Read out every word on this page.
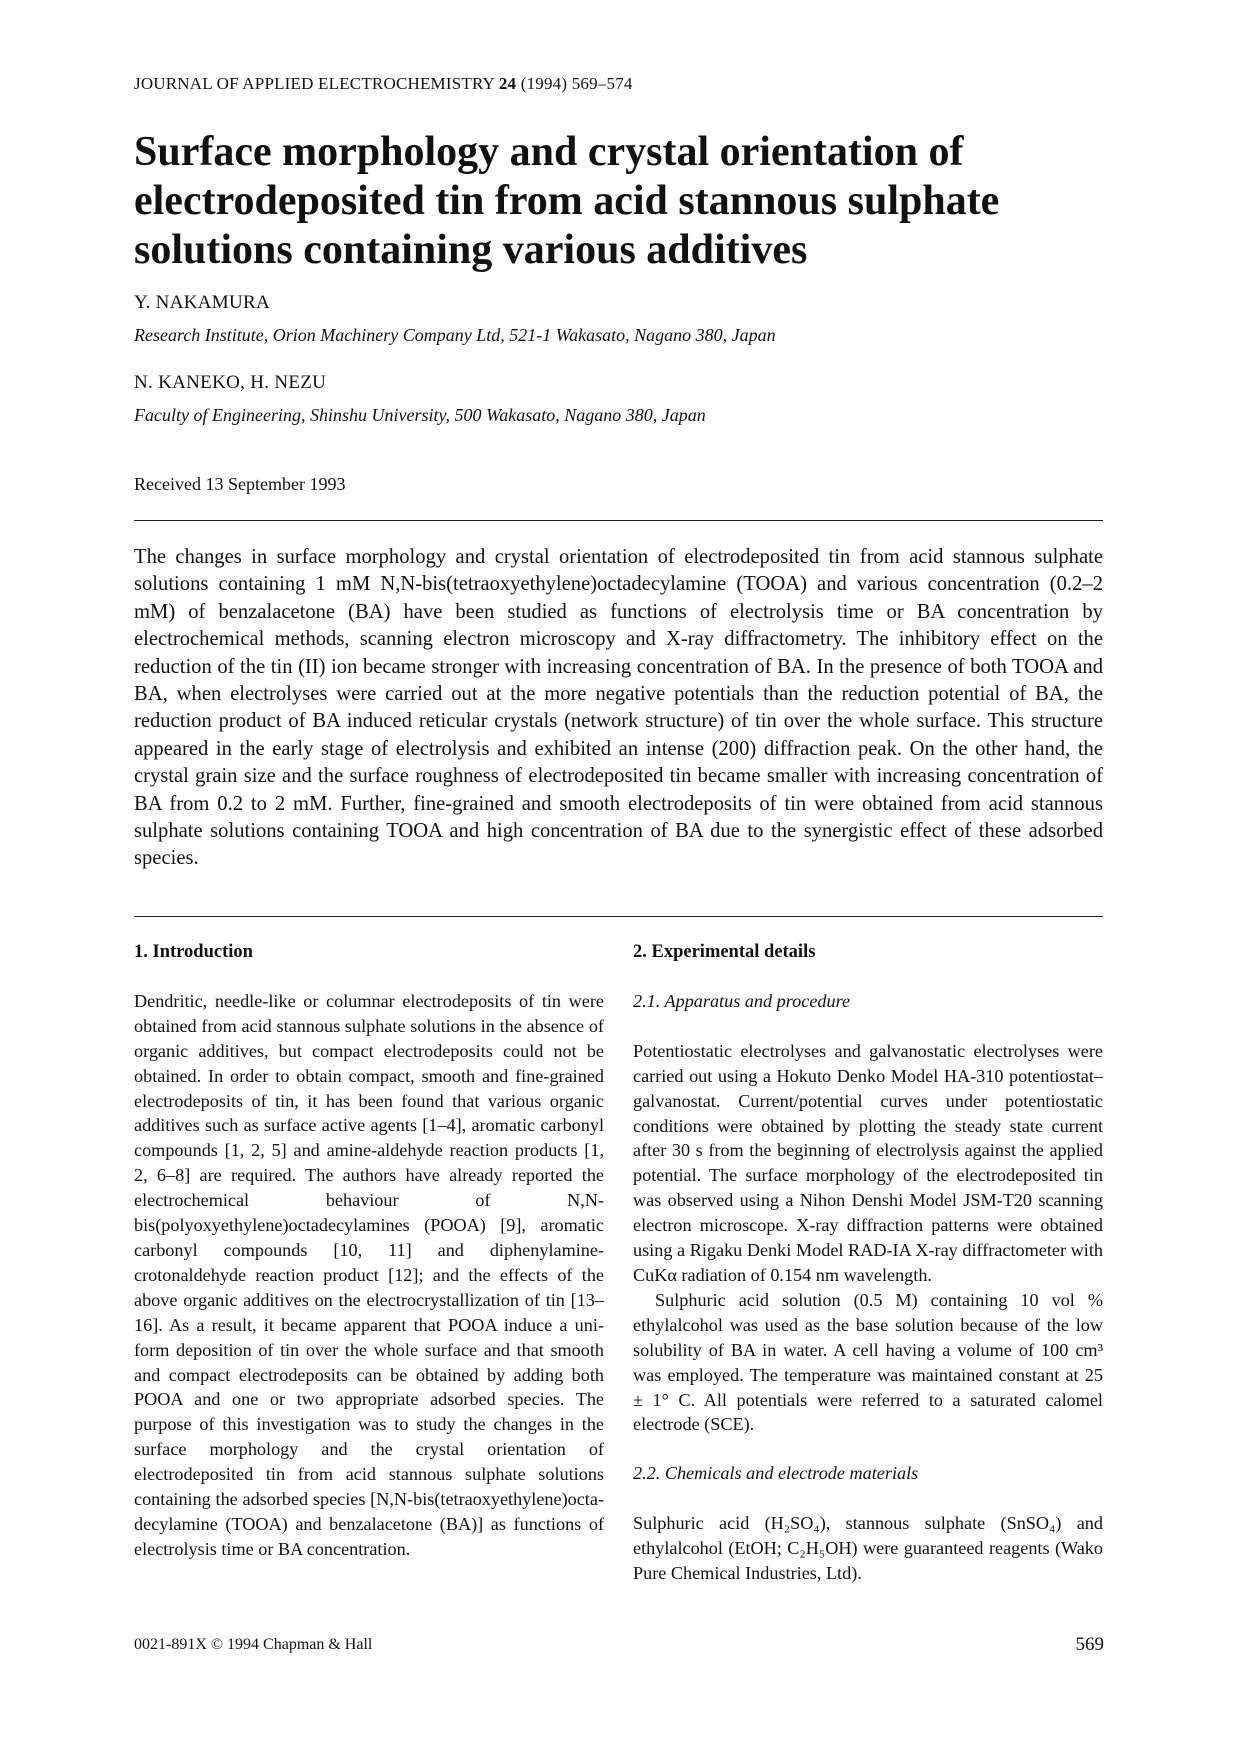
JOURNAL OF APPLIED ELECTROCHEMISTRY 24 (1994) 569–574
Surface morphology and crystal orientation of electrodeposited tin from acid stannous sulphate solutions containing various additives
Y. NAKAMURA
Research Institute, Orion Machinery Company Ltd, 521-1 Wakasato, Nagano 380, Japan
N. KANEKO, H. NEZU
Faculty of Engineering, Shinshu University, 500 Wakasato, Nagano 380, Japan
Received 13 September 1993

The changes in surface morphology and crystal orientation of electrodeposited tin from acid stannous sulphate solutions containing 1 mM N,N-bis(tetraoxyethylene)octadecylamine (TOOA) and various concentration (0.2–2 mM) of benzalacetone (BA) have been studied as functions of electrolysis time or BA concentration by electrochemical methods, scanning electron microscopy and X-ray diffractometry. The inhibitory effect on the reduction of the tin (II) ion became stronger with increasing concentration of BA. In the presence of both TOOA and BA, when electrolyses were carried out at the more negative potentials than the reduction potential of BA, the reduction product of BA induced reticular crystals (network structure) of tin over the whole surface. This structure appeared in the early stage of electrolysis and exhibited an intense (200) diffraction peak. On the other hand, the crystal grain size and the surface roughness of electrodeposited tin became smaller with increasing concentration of BA from 0.2 to 2 mM. Further, fine-grained and smooth electrodeposits of tin were obtained from acid stannous sulphate solutions containing TOOA and high concentration of BA due to the synergistic effect of these adsorbed species.

1. Introduction

Dendritic, needle-like or columnar electrodeposits of tin were obtained from acid stannous sulphate solutions in the absence of organic additives, but compact electrodeposits could not be obtained. In order to obtain compact, smooth and fine-grained electrodeposits of tin, it has been found that various organic additives such as surface active agents [1–4], aromatic carbonyl compounds [1, 2, 5] and amine-aldehyde reaction products [1, 2, 6–8] are required. The authors have already reported the electrochemical behaviour of N,N-bis(polyoxyethylene)octadecylamines (POOA) [9], aromatic carbonyl compounds [10, 11] and diphenylamine-crotonaldehyde reaction product [12]; and the effects of the above organic additives on the electrocrystallization of tin [13–16]. As a result, it became apparent that POOA induce a uniform deposition of tin over the whole surface and that smooth and compact electrodeposits can be obtained by adding both POOA and one or two appropriate adsorbed species. The purpose of this investigation was to study the changes in the surface morphology and the crystal orientation of electrodeposited tin from acid stannous sulphate solutions containing the adsorbed species [N,N-bis(tetraoxyethylene)octadecylamine (TOOA) and benzalacetone (BA)] as functions of electrolysis time or BA concentration.

2. Experimental details
2.1. Apparatus and procedure

Potentiostatic electrolyses and galvanostatic electrolyses were carried out using a Hokuto Denko Model HA-310 potentiostat–galvanostat. Current/potential curves under potentiostatic conditions were obtained by plotting the steady state current after 30 s from the beginning of electrolysis against the applied potential. The surface morphology of the electrodeposited tin was observed using a Nihon Denshi Model JSM-T20 scanning electron microscope. X-ray diffraction patterns were obtained using a Rigaku Denki Model RAD-IA X-ray diffractometer with CuKα radiation of 0.154 nm wavelength.

Sulphuric acid solution (0.5 M) containing 10 vol % ethylalcohol was used as the base solution because of the low solubility of BA in water. A cell having a volume of 100 cm³ was employed. The temperature was maintained constant at 25 ± 1° C. All potentials were referred to a saturated calomel electrode (SCE).

2.2. Chemicals and electrode materials

Sulphuric acid (H₂SO₄), stannous sulphate (SnSO₄) and ethylalcohol (EtOH; C₂H₅OH) were guaranteed reagents (Wako Pure Chemical Industries, Ltd).

0021-891X © 1994 Chapman & Hall	569
